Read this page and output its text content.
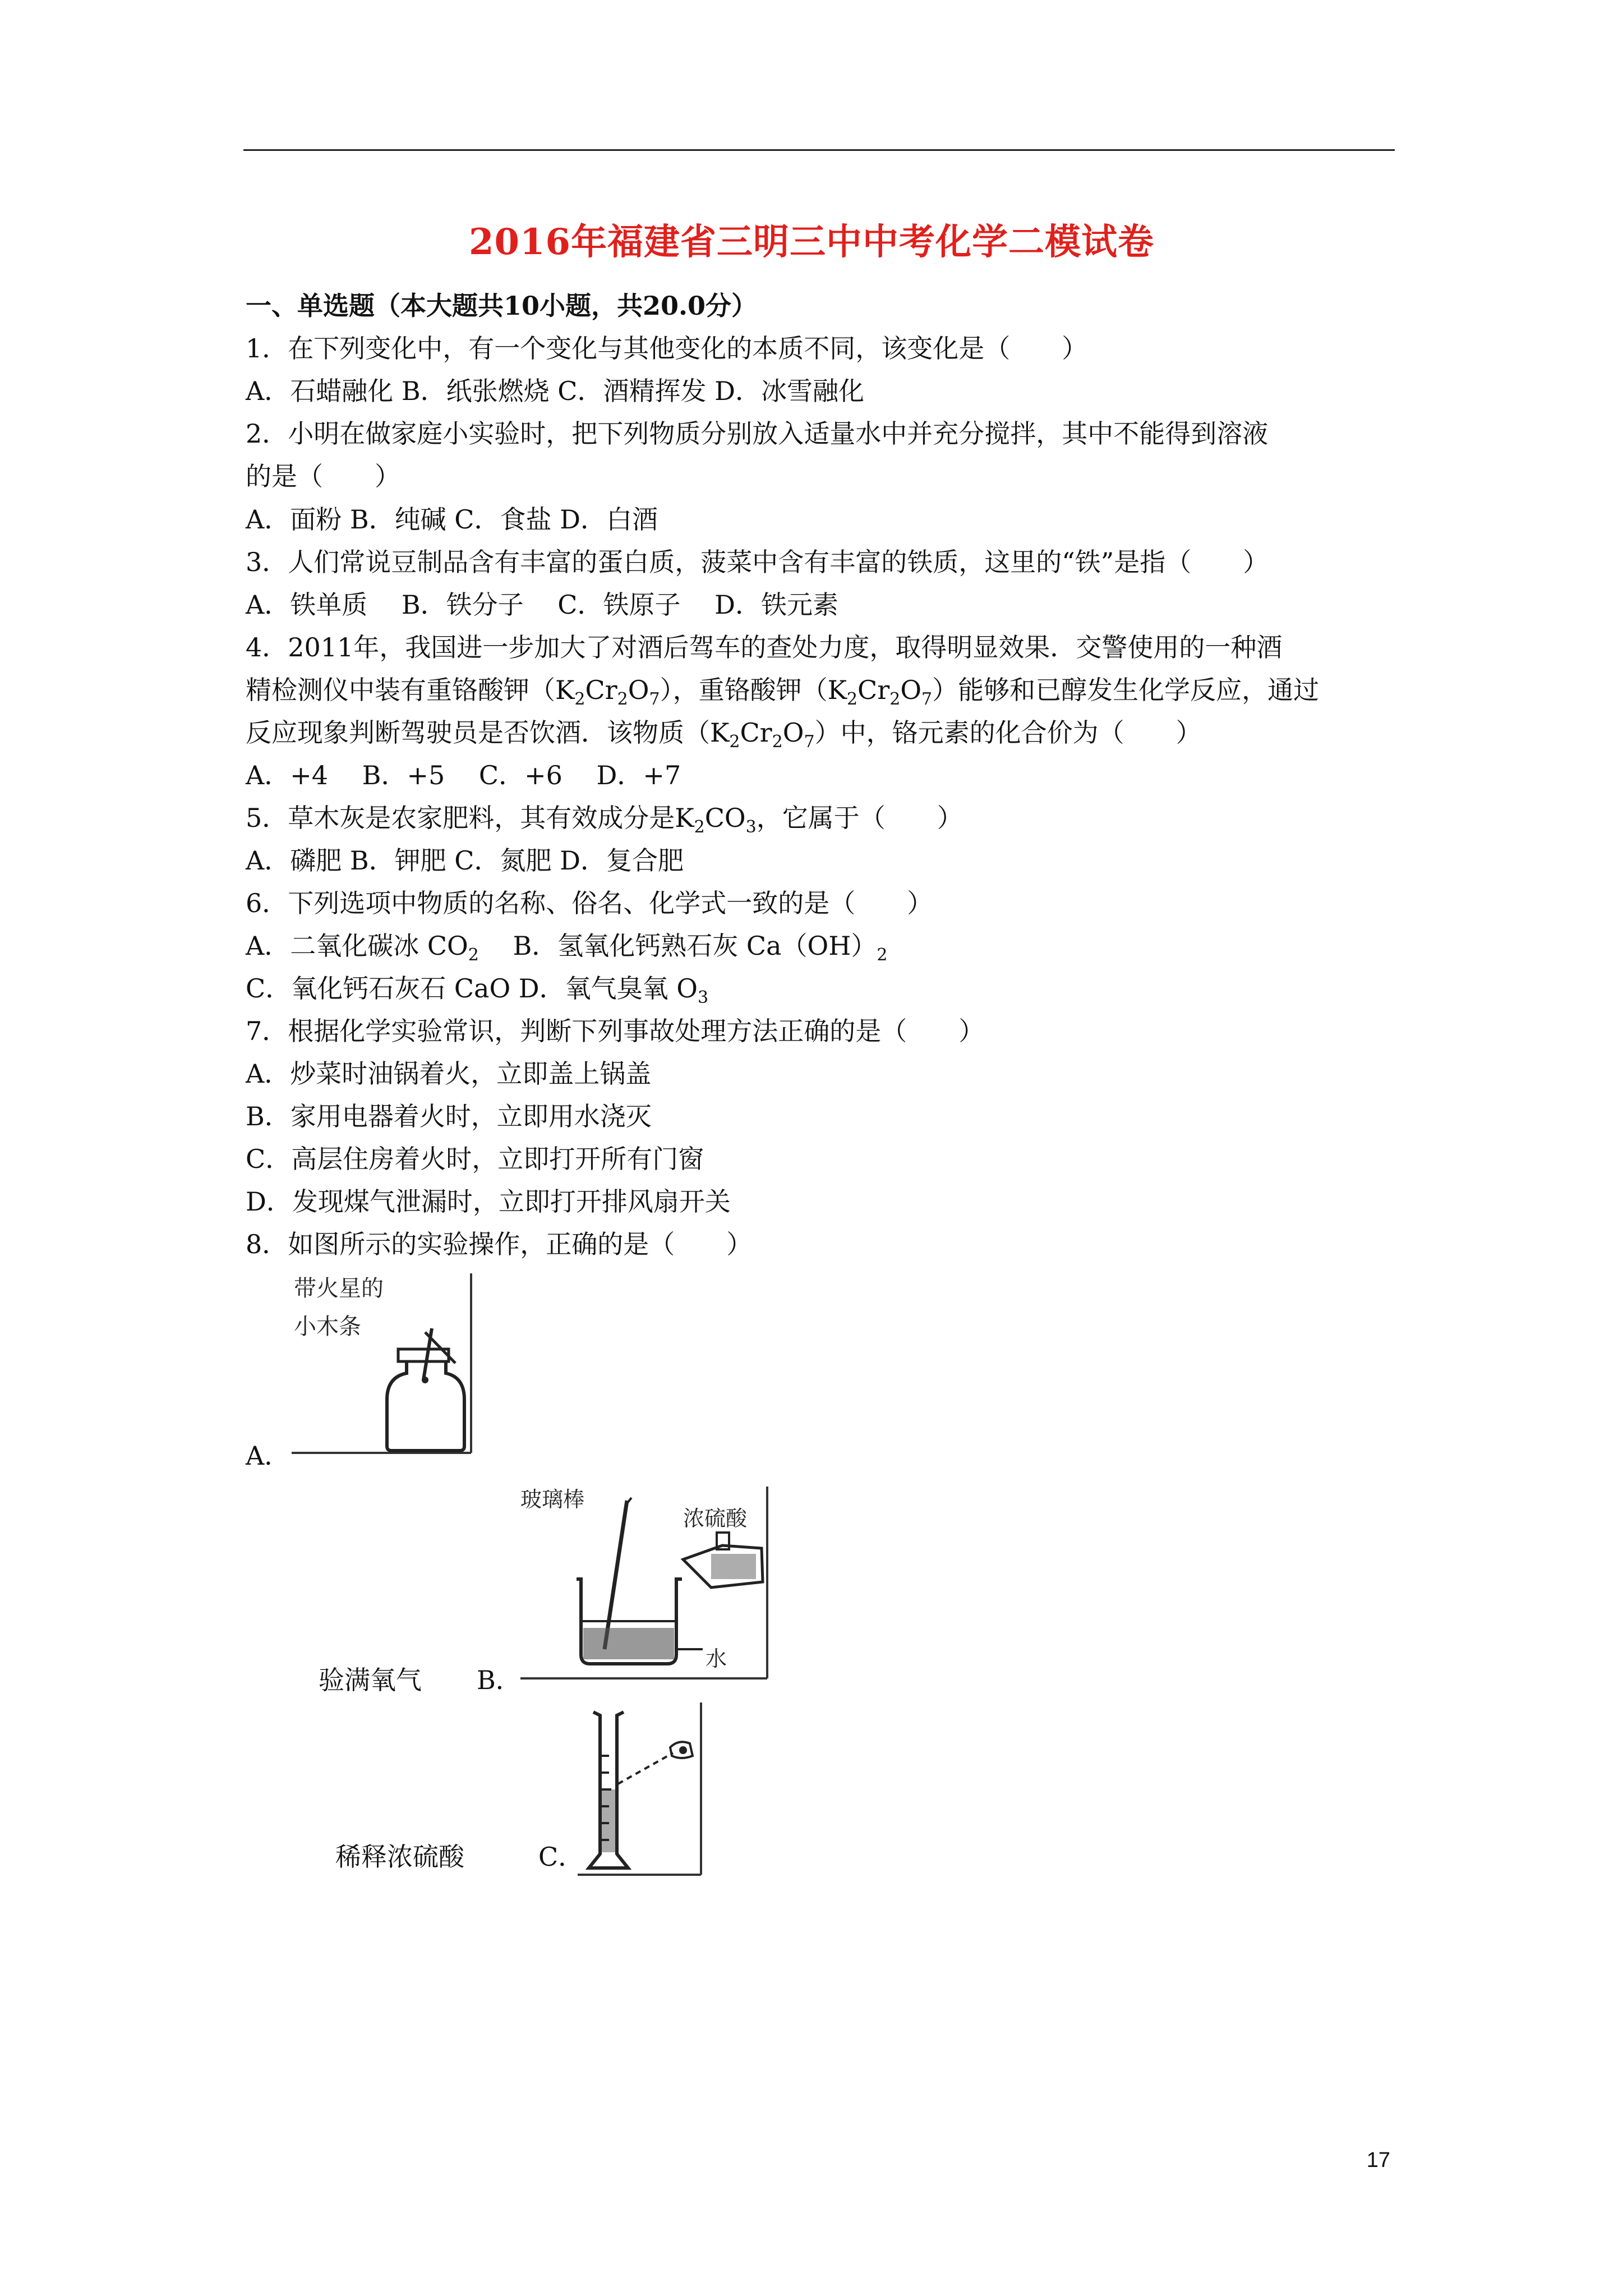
2016年福建省三明三中中考化学二模试卷
一、单选题（本大题共10小题，共20.0分）
1．在下列变化中，有一个变化与其他变化的本质不同，该变化是（　　）
A．石蜡融化 B．纸张燃烧 C．酒精挥发 D．冰雪融化
2．小明在做家庭小实验时，把下列物质分别放入适量水中并充分搅拌，其中不能得到溶液
的是（　　）
A．面粉 B．纯碱 C．食盐 D．白酒
3．人们常说豆制品含有丰富的蛋白质，菠菜中含有丰富的铁质，这里的“铁”是指（　　）
A．铁单质　 B．铁分子　 C．铁原子　 D．铁元素
4．2011年，我国进一步加大了对酒后驾车的查处力度，取得明显效果．交警使用的一种酒
精检测仪中装有重铬酸钾$(K_2Cr_2O_7)$，重铬酸钾$(K_2Cr_2O_7)$能够和已醇发生化学反应，通过
反应现象判断驾驶员是否饮酒．该物质$(K_2Cr_2O_7)$中，铬元素的化合价为（　　）
A．+4　 B．+5　 C．+6　 D．+7
5．草木灰是农家肥料，其有效成分是$K_2CO_3$，它属于（　　）
A．磷肥 B．钾肥 C．氮肥 D．复合肥
6．下列选项中物质的名称、俗名、化学式一致的是（　　）
A．二氧化碳冰 $CO_2$　 B．氢氧化钙熟石灰 $Ca(OH)_2$
C．氧化钙石灰石 CaO D．氧气臭氧 $O_3$
7．根据化学实验常识，判断下列事故处理方法正确的是（　　）
A．炒菜时油锅着火，立即盖上锅盖
B．家用电器着火时，立即用水浇灭
C．高层住房着火时，立即打开所有门窗
D．发现煤气泄漏时，立即打开排风扇开关
8．如图所示的实验操作，正确的是（　　）
A．
带火星的
小木条
验满氧气 B．
玻璃棒
浓硫酸
水
稀释浓硫酸	C．
17
